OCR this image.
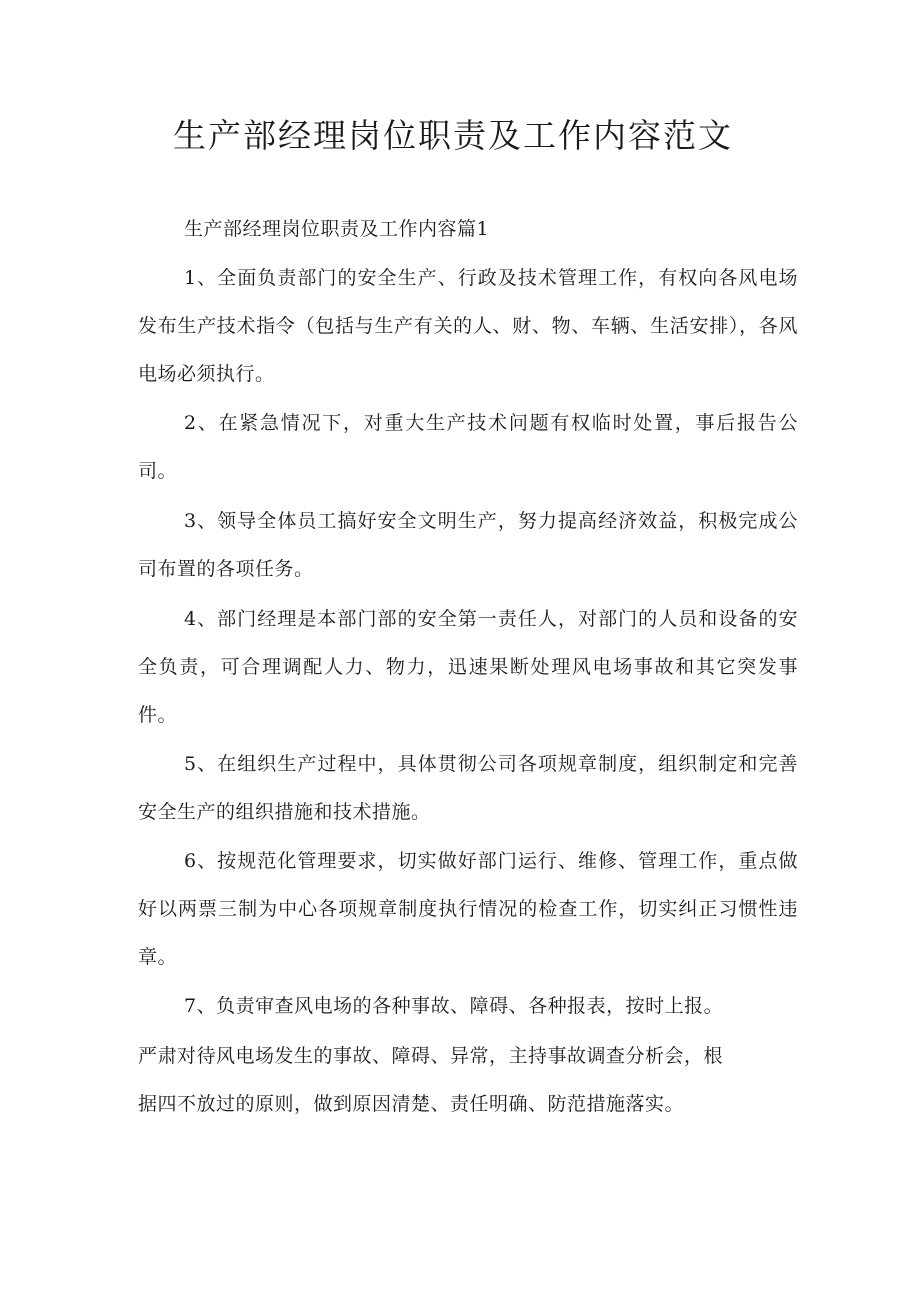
生产部经理岗位职责及工作内容范文

生产部经理岗位职责及工作内容篇1

1、全面负责部门的安全生产、行政及技术管理工作，有权向各风电场发布生产技术指令（包括与生产有关的人、财、物、车辆、生活安排），各风电场必须执行。

2、在紧急情况下，对重大生产技术问题有权临时处置，事后报告公司。

3、领导全体员工搞好安全文明生产，努力提高经济效益，积极完成公司布置的各项任务。

4、部门经理是本部门部的安全第一责任人，对部门的人员和设备的安全负责，可合理调配人力、物力，迅速果断处理风电场事故和其它突发事件。

5、在组织生产过程中，具体贯彻公司各项规章制度，组织制定和完善安全生产的组织措施和技术措施。

6、按规范化管理要求，切实做好部门运行、维修、管理工作，重点做好以两票三制为中心各项规章制度执行情况的检查工作，切实纠正习惯性违章。

7、负责审查风电场的各种事故、障碍、各种报表，按时上报。

严肃对待风电场发生的事故、障碍、异常，主持事故调查分析会，根

据四不放过的原则，做到原因清楚、责任明确、防范措施落实。
